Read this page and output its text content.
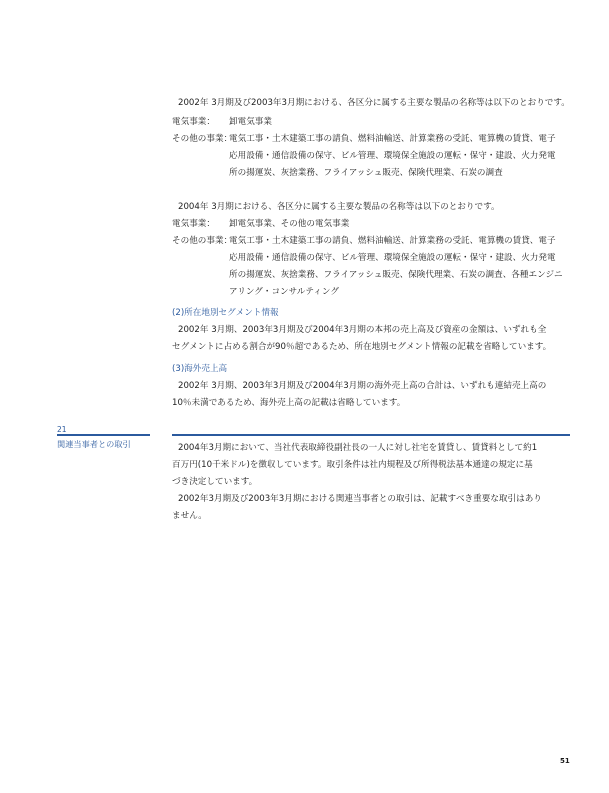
2002年 3月期及び2003年3月期における、各区分に属する主要な製品の名称等は以下のとおりです。
電気事業： 卸電気事業
その他の事業：
電気工事・土木建築工事の請負、燃料油輸送、計算業務の受託、電算機の賃貸、電子
応用設備・通信設備の保守、ビル管理、環境保全施設の運転・保守・建設、火力発電
所の揚運炭、灰捨業務、フライアッシュ販売、保険代理業、石炭の調査
2004年 3月期における、各区分に属する主要な製品の名称等は以下のとおりです。
電気事業： 卸電気事業、その他の電気事業
その他の事業：
電気工事・土木建築工事の請負、燃料油輸送、計算業務の受託、電算機の賃貸、電子
応用設備・通信設備の保守、ビル管理、環境保全施設の運転・保守・建設、火力発電
所の揚運炭、灰捨業務、フライアッシュ販売、保険代理業、石炭の調査、各種エンジニ
アリング・コンサルティング
(2)所在地別セグメント情報
2002年 3月期、2003年3月期及び2004年3月期の本邦の売上高及び資産の金額は、いずれも全
セグメントに占める割合が90％超であるため、所在地別セグメント情報の記載を省略しています。
(3)海外売上高
2002年 3月期、2003年3月期及び2004年3月期の海外売上高の合計は、いずれも連結売上高の
10％未満であるため、海外売上高の記載は省略しています。
21
関連当事者との取引	2004年3月期において、当社代表取締役副社長の一人に対し社宅を賃貸し、賃貸料として約1
百万円(10千米ドル)を徴収しています。取引条件は社内規程及び所得税法基本通達の規定に基
づき決定しています。
2002年3月期及び2003年3月期における関連当事者との取引は、記載すべき重要な取引はあり
ません。
51
